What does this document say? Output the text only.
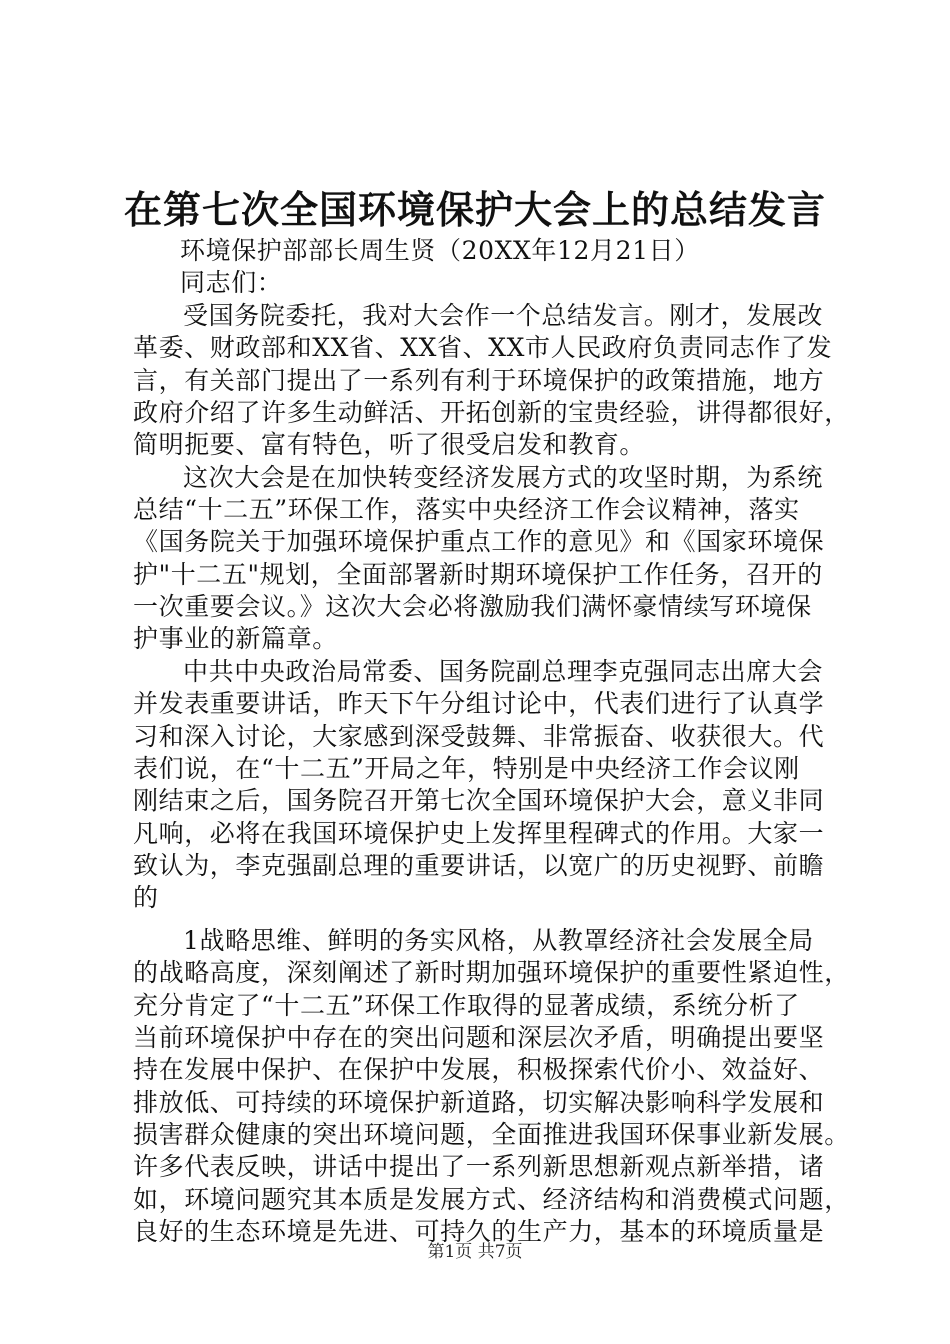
在第七次全国环境保护大会上的总结发言

环境保护部部长周生贤（20XX年12月21日）

同志们：

受国务院委托，我对大会作一个总结发言。刚才，发展改

革委、财政部和XX省、XX省、XX市人民政府负责同志作了发

言，有关部门提出了一系列有利于环境保护的政策措施，地方

政府介绍了许多生动鲜活、开拓创新的宝贵经验，讲得都很好，

简明扼要、富有特色，听了很受启发和教育。

这次大会是在加快转变经济发展方式的攻坚时期，为系统

总结“十二五”环保工作，落实中央经济工作会议精神，落实

《国务院关于加强环境保护重点工作的意见》和《国家环境保

护"十二五"规划，全面部署新时期环境保护工作任务，召开的

一次重要会议。》这次大会必将激励我们满怀豪情续写环境保

护事业的新篇章。

中共中央政治局常委、国务院副总理李克强同志出席大会

并发表重要讲话，昨天下午分组讨论中，代表们进行了认真学

习和深入讨论，大家感到深受鼓舞、非常振奋、收获很大。代

表们说，在“十二五”开局之年，特别是中央经济工作会议刚

刚结束之后，国务院召开第七次全国环境保护大会，意义非同

凡响，必将在我国环境保护史上发挥里程碑式的作用。大家一

致认为，李克强副总理的重要讲话，以宽广的历史视野、前瞻

的

1战略思维、鲜明的务实风格，从教罩经济社会发展全局

的战略高度，深刻阐述了新时期加强环境保护的重要性紧迫性，

充分肯定了“十二五”环保工作取得的显著成绩，系统分析了

当前环境保护中存在的突出问题和深层次矛盾，明确提出要坚

持在发展中保护、在保护中发展，积极探索代价小、效益好、

排放低、可持续的环境保护新道路，切实解决影响科学发展和

损害群众健康的突出环境问题，全面推进我国环保事业新发展。

许多代表反映，讲话中提出了一系列新思想新观点新举措，诸

如，环境问题究其本质是发展方式、经济结构和消费模式问题，

良好的生态环境是先进、可持久的生产力，基本的环境质量是

第1页 共7页
